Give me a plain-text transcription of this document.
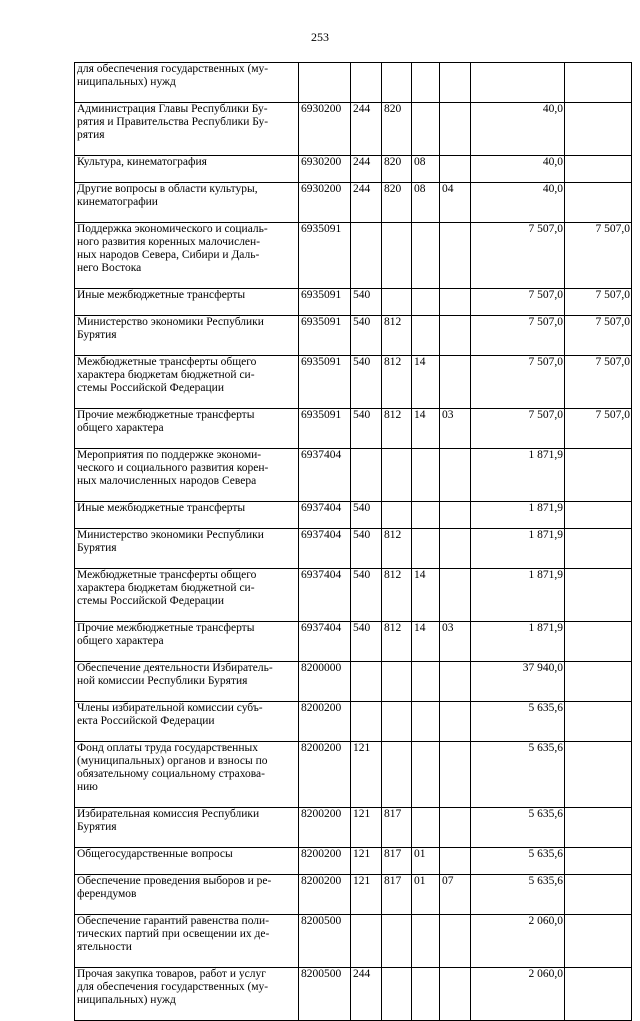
253
для обеспечения государственных (му-
ниципальных) нужд							
Администрация Главы Республики Бу-
рятия и Правительства Республики Бу-
рятия	6930200	244	820			40,0	
Культура, кинематография	6930200	244	820	08		40,0	
Другие вопросы в области культуры,
кинематографии	6930200	244	820	08	04	40,0	
Поддержка экономического и социаль-
ного развития коренных малочислен-
ных народов Севера, Сибири и Даль-
него Востока	6935091					7 507,0	7 507,0
Иные межбюджетные трансферты	6935091	540				7 507,0	7 507,0
Министерство экономики Республики
Бурятия	6935091	540	812			7 507,0	7 507,0
Межбюджетные трансферты общего
характера бюджетам бюджетной си-
стемы Российской Федерации	6935091	540	812	14		7 507,0	7 507,0
Прочие межбюджетные трансферты
общего характера	6935091	540	812	14	03	7 507,0	7 507,0
Мероприятия по поддержке экономи-
ческого и социального развития корен-
ных малочисленных народов Севера	6937404					1 871,9	
Иные межбюджетные трансферты	6937404	540				1 871,9	
Министерство экономики Республики
Бурятия	6937404	540	812			1 871,9	
Межбюджетные трансферты общего
характера бюджетам бюджетной си-
стемы Российской Федерации	6937404	540	812	14		1 871,9	
Прочие межбюджетные трансферты
общего характера	6937404	540	812	14	03	1 871,9	
Обеспечение деятельности Избиратель-
ной комиссии Республики Бурятия	8200000					37 940,0	
Члены избирательной комиссии субъ-
екта Российской Федерации	8200200					5 635,6	
Фонд оплаты труда государственных
(муниципальных) органов и взносы по
обязательному социальному страхова-
нию	8200200	121				5 635,6	
Избирательная комиссия Республики
Бурятия	8200200	121	817			5 635,6	
Общегосударственные вопросы	8200200	121	817	01		5 635,6	
Обеспечение проведения выборов и ре-
ферендумов	8200200	121	817	01	07	5 635,6	
Обеспечение гарантий равенства поли-
тических партий при освещении их де-
ятельности	8200500					2 060,0	
Прочая закупка товаров, работ и услуг
для обеспечения государственных (му-
ниципальных) нужд	8200500	244				2 060,0	
